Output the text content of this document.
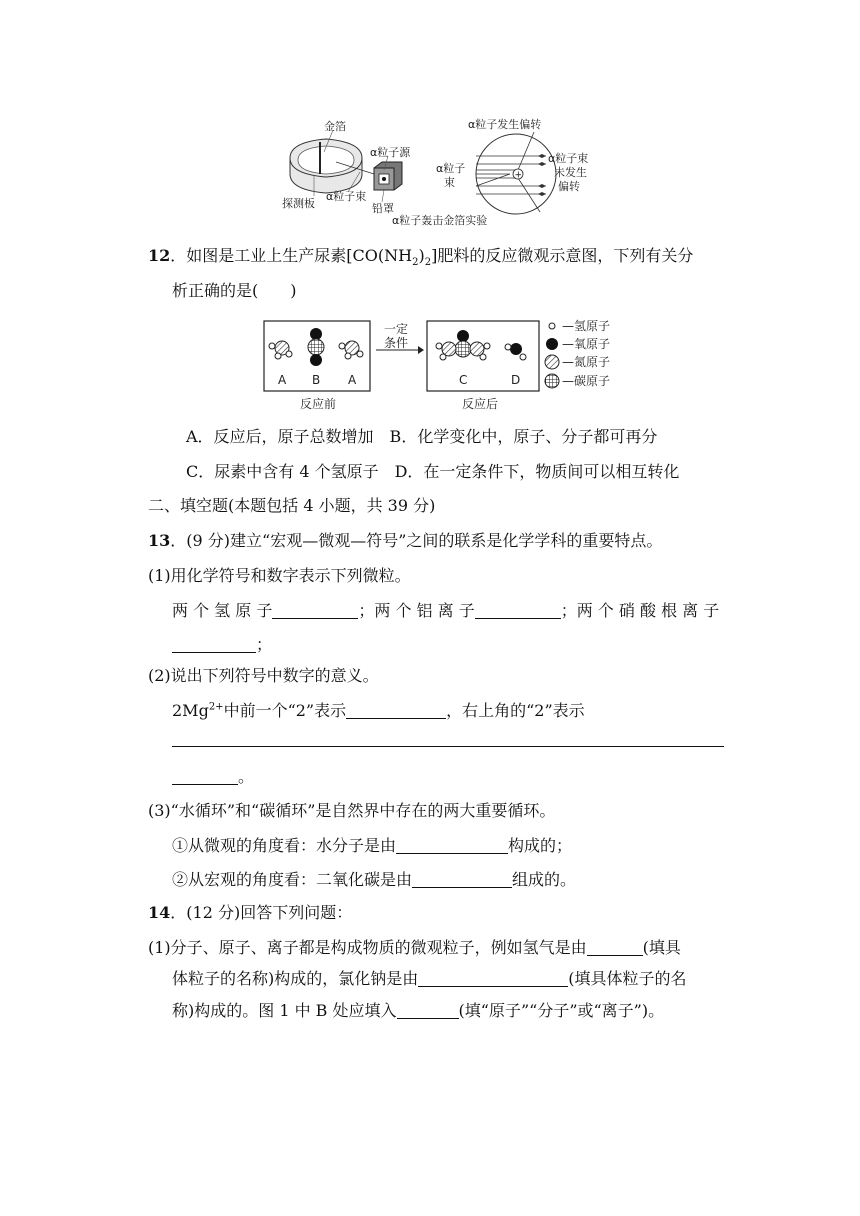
金箔
α粒子源
探测板
α粒子束
铅罩
+
α粒子发生偏转
α粒子
束
α粒子束
未发生
偏转
α粒子轰击金箔实验
12．如图是工业上生产尿素$[CO(NH_2)_2]$肥料的反应微观示意图，下列有关分
析正确的是(　　)
A B A
反应前
一定
条件
C	D
反应后
—氢原子
—氧原子
—氮原子
—碳原子
A．反应后，原子总数增加　B．化学变化中，原子、分子都可再分
C．尿素中含有 4 个氢原子　D．在一定条件下，物质间可以相互转化
二、填空题(本题包括 4 小题，共 39 分)
13．(9 分)建立“宏观—微观—符号”之间的联系是化学学科的重要特点。
(1)用化学符号和数字表示下列微粒。
两 个 氢 原 子	；两 个 铝 离 子	；两 个 硝 酸 根 离 子
；
(2)说出下列符号中数字的意义。
$2Mg^{2+}$中前一个“2”表示	，右上角的“2”表示
。
(3)“水循环”和“碳循环”是自然界中存在的两大重要循环。
①从微观的角度看：水分子是由	构成的；
②从宏观的角度看：二氧化碳是由	组成的。
14．(12 分)回答下列问题：
(1)分子、原子、离子都是构成物质的微观粒子，例如氢气是由	(填具
体粒子的名称)构成的，氯化钠是由	(填具体粒子的名
称)构成的。图 1 中 B 处应填入	(填“原子”“分子”或“离子”)。
